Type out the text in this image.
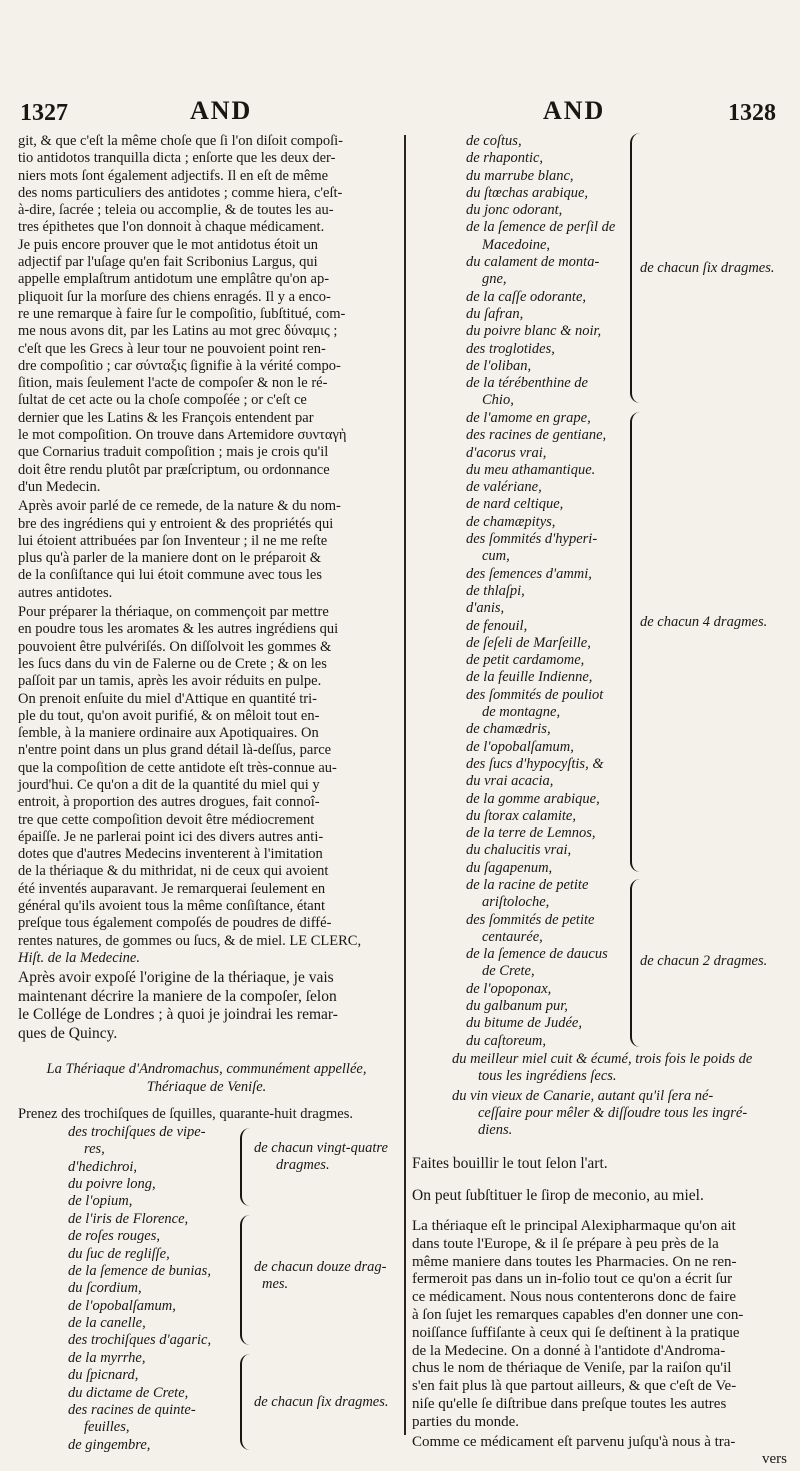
1327	AND	AND	1328

git, & que c'eſt la même choſe que ſi l'on diſoit compoſi-

tio antidotos tranquilla dicta ; enſorte que les deux der-

niers mots ſont également adjectifs. Il en eſt de même

des noms particuliers des antidotes ; comme hiera, c'eſt-

à-dire, ſacrée ; teleia ou accomplie, & de toutes les au-

tres épithetes que l'on donnoit à chaque médicament.

Je puis encore prouver que le mot antidotus étoit un

adjectif par l'uſage qu'en fait Scribonius Largus, qui

appelle emplaſtrum antidotum une emplâtre qu'on ap-

pliquoit ſur la morſure des chiens enragés. Il y a enco-

re une remarque à faire ſur le compoſitio, ſubſtitué, com-

me nous avons dit, par les Latins au mot grec δύναμις ;

c'eſt que les Grecs à leur tour ne pouvoient point ren-

dre compoſitio ; car σύνταξις ſignifie à la vérité compo-

ſition, mais ſeulement l'acte de compoſer & non le ré-

ſultat de cet acte ou la choſe compoſée ; or c'eſt ce

dernier que les Latins & les François entendent par

le mot compoſition. On trouve dans Artemidore συνταγὴ

que Cornarius traduit compoſition ; mais je crois qu'il

doit être rendu plutôt par præſcriptum, ou ordonnance

d'un Medecin.

Après avoir parlé de ce remede, de la nature & du nom-

bre des ingrédiens qui y entroient & des propriétés qui

lui étoient attribuées par ſon Inventeur ; il ne me reſte

plus qu'à parler de la maniere dont on le préparoit &

de la conſiſtance qui lui étoit commune avec tous les

autres antidotes.

Pour préparer la thériaque, on commençoit par mettre

en poudre tous les aromates & les autres ingrédiens qui

pouvoient être pulvériſés. On diſſolvoit les gommes &

les ſucs dans du vin de Falerne ou de Crete ; & on les

paſſoit par un tamis, après les avoir réduits en pulpe.

On prenoit enſuite du miel d'Attique en quantité tri-

ple du tout, qu'on avoit purifié, & on mêloit tout en-

ſemble, à la maniere ordinaire aux Apotiquaires. On

n'entre point dans un plus grand détail là-deſſus, parce

que la compoſition de cette antidote eſt très-connue au-

jourd'hui. Ce qu'on a dit de la quantité du miel qui y

entroit, à proportion des autres drogues, fait connoî-

tre que cette compoſition devoit être médiocrement

épaiſſe. Je ne parlerai point ici des divers autres anti-

dotes que d'autres Medecins inventerent à l'imitation

de la thériaque & du mithridat, ni de ceux qui avoient

été inventés auparavant. Je remarquerai ſeulement en

général qu'ils avoient tous la même conſiſtance, étant

preſque tous également compoſés de poudres de diffé-

rentes natures, de gommes ou ſucs, & de miel. LE CLERC,

Hiſt. de la Medecine.

Après avoir expoſé l'origine de la thériaque, je vais

maintenant décrire la maniere de la compoſer, ſelon

le Collége de Londres ; à quoi je joindrai les remar-

ques de Quincy.

La Thériaque d'Andromachus, communément appellée,
Thériaque de Veniſe.
Prenez des trochiſques de ſquilles, quarante-huit dragmes.
des trochiſques de vipe-
res,
d'hedichroi,
du poivre long,
de l'opium,
de chacun vingt-quatre
dragmes.
de l'iris de Florence,
de roſes rouges,
du ſuc de regliſſe,
de la ſemence de bunias,
du ſcordium,
de l'opobalſamum,
de la canelle,
des trochiſques d'agaric,
de chacun douze drag-
mes.
de la myrrhe,
du ſpicnard,
du dictame de Crete,
des racines de quinte-
feuilles,
de gingembre,
de chacun ſix dragmes.
de coſtus,
de rhapontic,
du marrube blanc,
du ſtœchas arabique,
du jonc odorant,
de la ſemence de perſil de
Macedoine,
du calament de monta-
gne,
de la caſſe odorante,
du ſafran,
du poivre blanc & noir,
des troglotides,
de l'oliban,
de la térébenthine de
Chio,
de chacun ſix dragmes.
de l'amome en grape,
des racines de gentiane,
d'acorus vrai,
du meu athamantique.
de valériane,
de nard celtique,
de chamæpitys,
des ſommités d'hyperi-
cum,
des ſemences d'ammi,
de thlaſpi,
d'anis,
de fenouil,
de ſeſeli de Marſeille,
de petit cardamome,
de la feuille Indienne,
des ſommités de pouliot
de montagne,
de chamædris,
de l'opobalſamum,
des ſucs d'hypocyſtis, &
du vrai acacia,
de la gomme arabique,
du ſtorax calamite,
de la terre de Lemnos,
du chalucitis vrai,
du ſagapenum,
de chacun 4 dragmes.
de la racine de petite
ariſtoloche,
des ſommités de petite
centaurée,
de la ſemence de daucus
de Crete,
de l'opoponax,
du galbanum pur,
du bitume de Judée,
du caſtoreum,
de chacun 2 dragmes.
du meilleur miel cuit & écumé, trois fois le poids de
tous les ingrédiens ſecs.
du vin vieux de Canarie, autant qu'il ſera né-
ceſſaire pour mêler & diſſoudre tous les ingré-
diens.
Faites bouillir le tout ſelon l'art.
On peut ſubſtituer le ſirop de meconio, au miel.

La thériaque eſt le principal Alexipharmaque qu'on ait

dans toute l'Europe, & il ſe prépare à peu près de la

même maniere dans toutes les Pharmacies. On ne ren-

fermeroit pas dans un in-folio tout ce qu'on a écrit ſur

ce médicament. Nous nous contenterons donc de faire

à ſon ſujet les remarques capables d'en donner une con-

noiſſance ſuffiſante à ceux qui ſe deſtinent à la pratique

de la Medecine. On a donné à l'antidote d'Androma-

chus le nom de thériaque de Veniſe, par la raiſon qu'il

s'en fait plus là que partout ailleurs, & que c'eſt de Ve-

niſe qu'elle ſe diſtribue dans preſque toutes les autres

parties du monde.

Comme ce médicament eſt parvenu juſqu'à nous à tra-

vers
